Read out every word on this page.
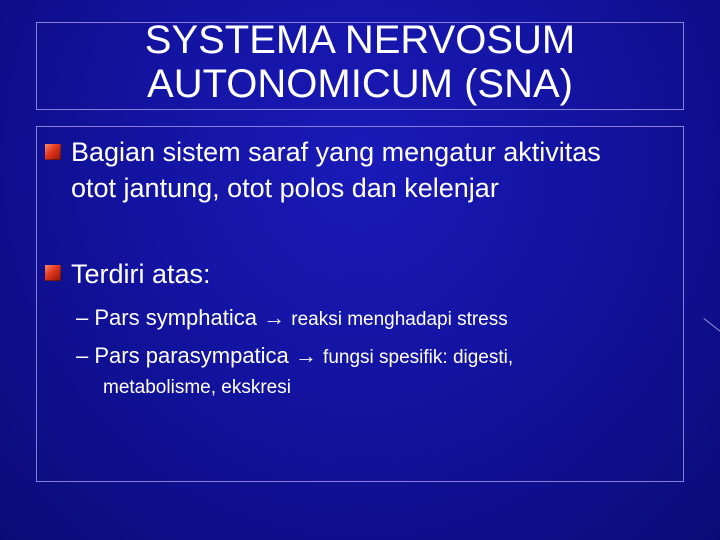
SYSTEMA NERVOSUM
AUTONOMICUM (SNA)

Bagian sistem saraf yang mengatur aktivitas otot jantung, otot polos dan kelenjar

Terdiri atas:

– Pars symphatica → reaksi menghadapi stress
– Pars parasympatica → fungsi spesifik: digesti,
metabolisme, ekskresi
